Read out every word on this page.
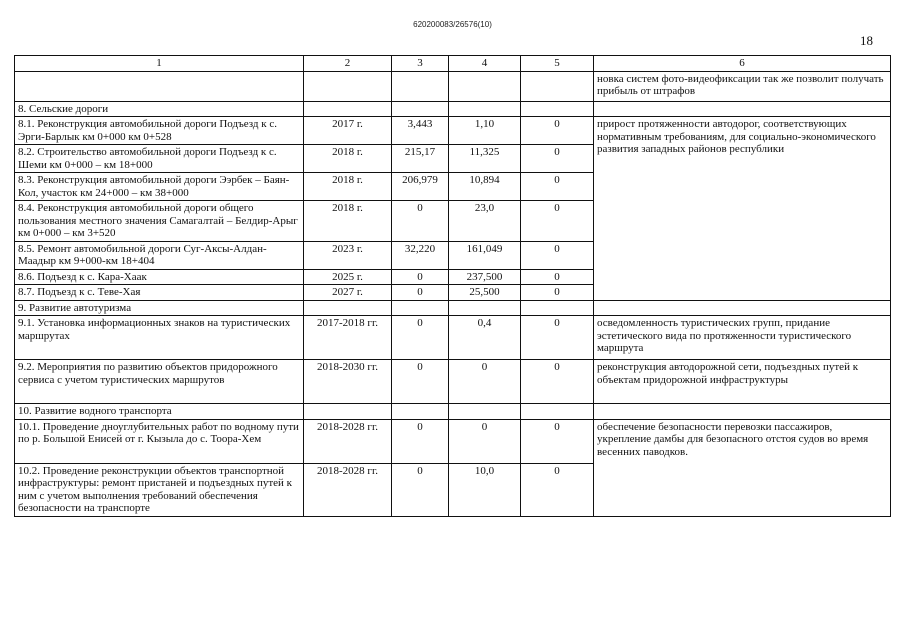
620200083/26576(10)
18
1	2	3	4	5	6
					новка систем фото-видеофиксации так же позволит получать прибыль от штрафов
8. Сельские дороги					
8.1. Реконструкция автомобильной дороги Подъезд к с. Эрги-Барлык км 0+000 км 0+528	2017 г.	3,443	1,10	0	прирост протяженности автодорог, соответствующих нормативным требованиям, для социально-экономического развития западных районов республики
8.2. Строительство автомобильной дороги Подъезд к с. Шеми км 0+000 – км 18+000	2018 г.	215,17	11,325	0	
8.3. Реконструкция автомобильной дороги Ээрбек – Баян-Кол, участок км 24+000 – км 38+000	2018 г.	206,979	10,894	0	
8.4. Реконструкция автомобильной дороги общего пользования местного значения Самагалтай – Белдир-Арыг км 0+000 – км 3+520	2018 г.	0	23,0	0	
8.5. Ремонт автомобильной дороги Суг-Аксы-Алдан-Маадыр км 9+000-км 18+404	2023 г.	32,220	161,049	0	
8.6. Подъезд к с. Кара-Хаак	2025 г.	0	237,500	0	
8.7. Подъезд к с. Теве-Хая	2027 г.	0	25,500	0	
9. Развитие автотуризма					
9.1. Установка информационных знаков на туристических маршрутах	2017-2018 гг.	0	0,4	0	осведомленность туристических групп, придание эстетического вида по протяженности туристического маршрута
9.2. Мероприятия по развитию объектов придорожного сервиса с учетом туристических маршрутов	2018-2030 гг.	0	0	0	реконструкция автодорожной сети, подъездных путей к объектам придорожной инфраструктуры
10. Развитие водного транспорта					
10.1. Проведение дноуглубительных работ по водному пути по р. Большой Енисей от г. Кызыла до с. Тоора-Хем	2018-2028 гг.	0	0	0	обеспечение безопасности перевозки пассажиров, укрепление дамбы для безопасного отстоя судов во время весенних паводков.
10.2. Проведение реконструкции объектов транспортной инфраструктуры: ремонт пристаней и подъездных путей к ним с учетом выполнения требований обеспечения безопасности на транспорте	2018-2028 гг.	0	10,0	0	
